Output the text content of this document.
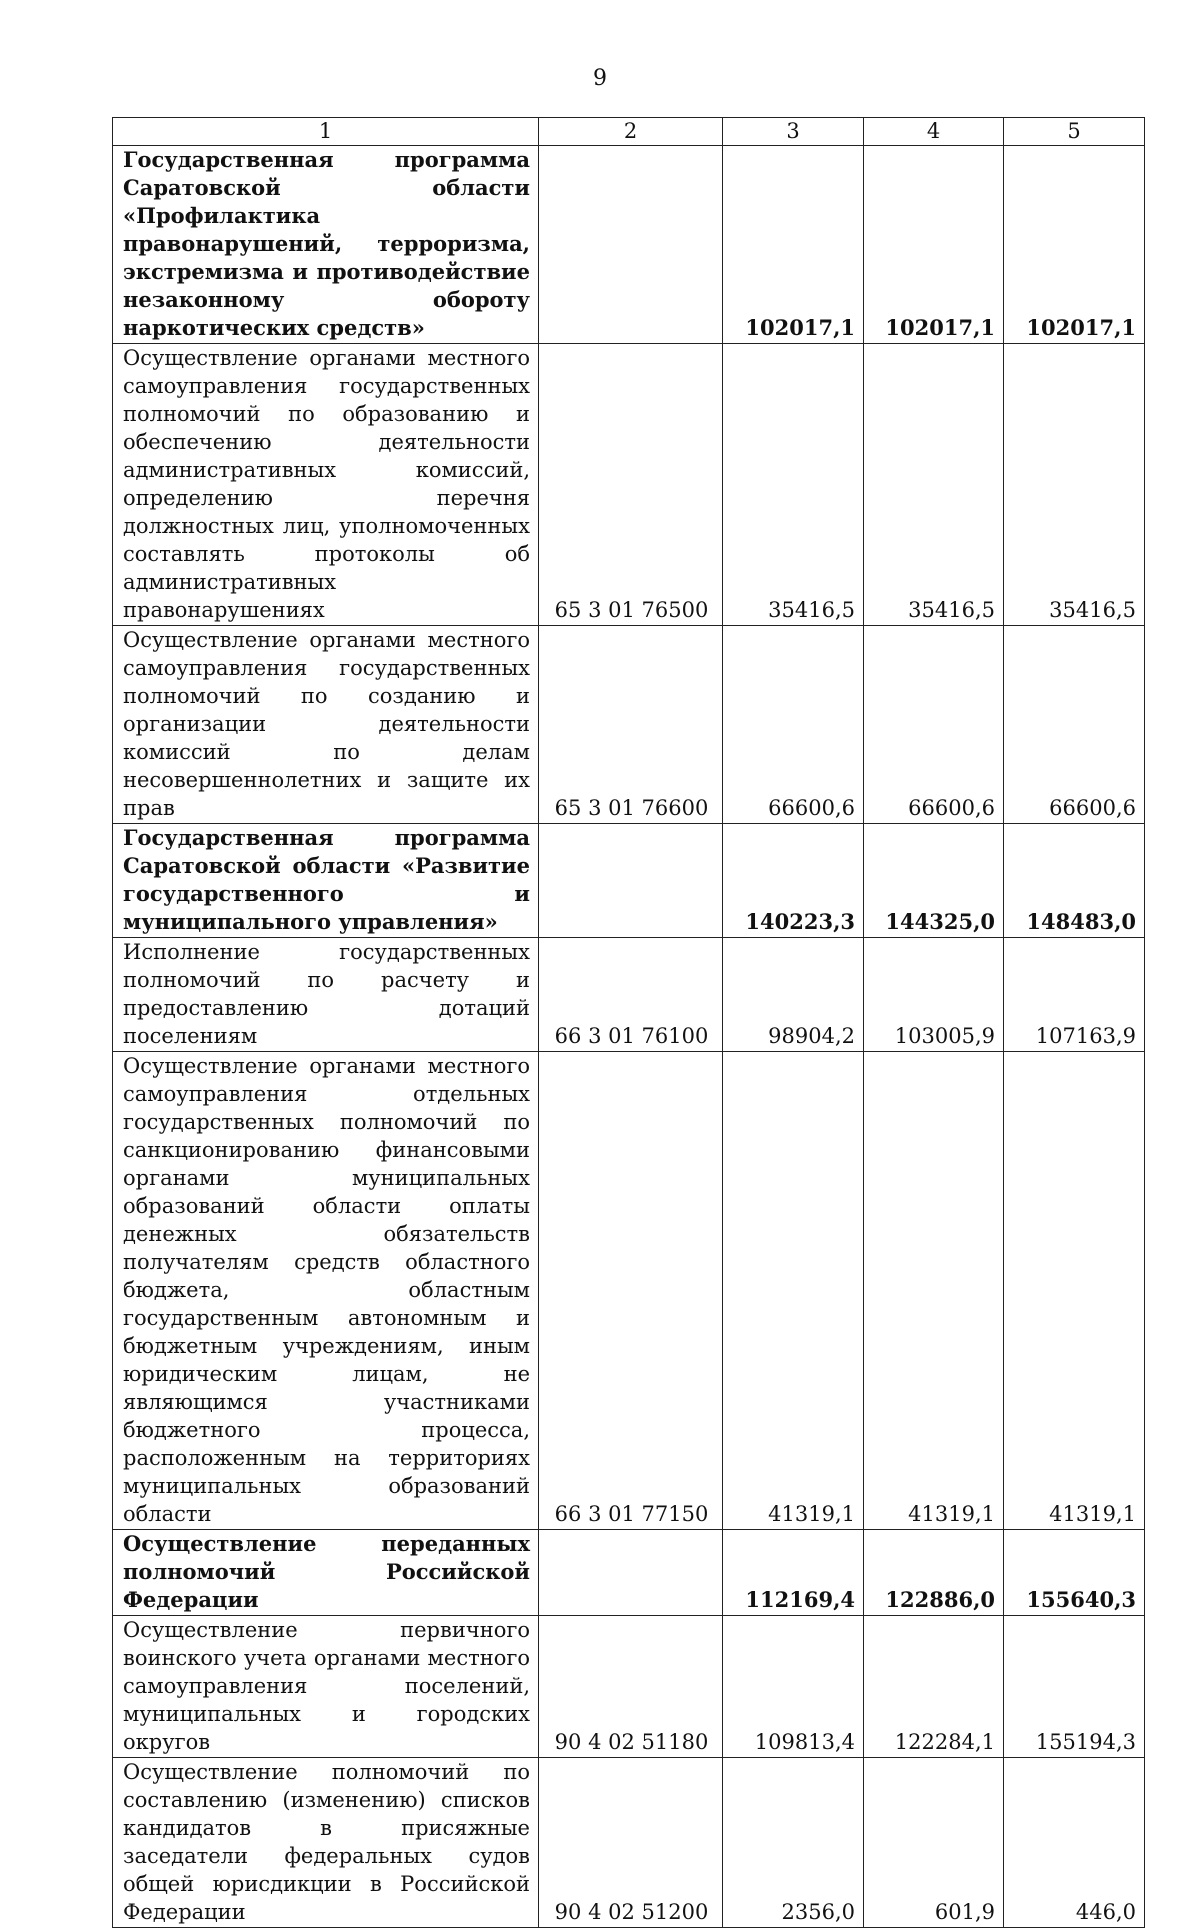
9
1	2	3	4	5
Государственная программа Саратовской области «Профилактика правонарушений, терроризма, экстремизма и противодействие незаконному обороту наркотических средств»		102017,1	102017,1	102017,1
Осуществление органами местного самоуправления государственных полномочий по образованию и обеспечению деятельности административных комиссий, определению перечня должностных лиц, уполномоченных составлять протоколы об административных правонарушениях	65 3 01 76500	35416,5	35416,5	35416,5
Осуществление органами местного самоуправления государственных полномочий по созданию и организации деятельности комиссий по делам несовершеннолетних и защите их прав	65 3 01 76600	66600,6	66600,6	66600,6
Государственная программа Саратовской области «Развитие государственного и муниципального управления»		140223,3	144325,0	148483,0
Исполнение государственных полномочий по расчету и предоставлению дотаций поселениям	66 3 01 76100	98904,2	103005,9	107163,9
Осуществление органами местного самоуправления отдельных государственных полномочий по санкционированию финансовыми органами муниципальных образований области оплаты денежных обязательств получателям средств областного бюджета, областным государственным автономным и бюджетным учреждениям, иным юридическим лицам, не являющимся участниками бюджетного процесса, расположенным на территориях муниципальных образований области	66 3 01 77150	41319,1	41319,1	41319,1
Осуществление переданных полномочий Российской Федерации		112169,4	122886,0	155640,3
Осуществление первичного воинского учета органами местного самоуправления поселений, муниципальных и городских округов	90 4 02 51180	109813,4	122284,1	155194,3
Осуществление полномочий по составлению (изменению) списков кандидатов в присяжные заседатели федеральных судов общей юрисдикции в Российской Федерации	90 4 02 51200	2356,0	601,9	446,0
